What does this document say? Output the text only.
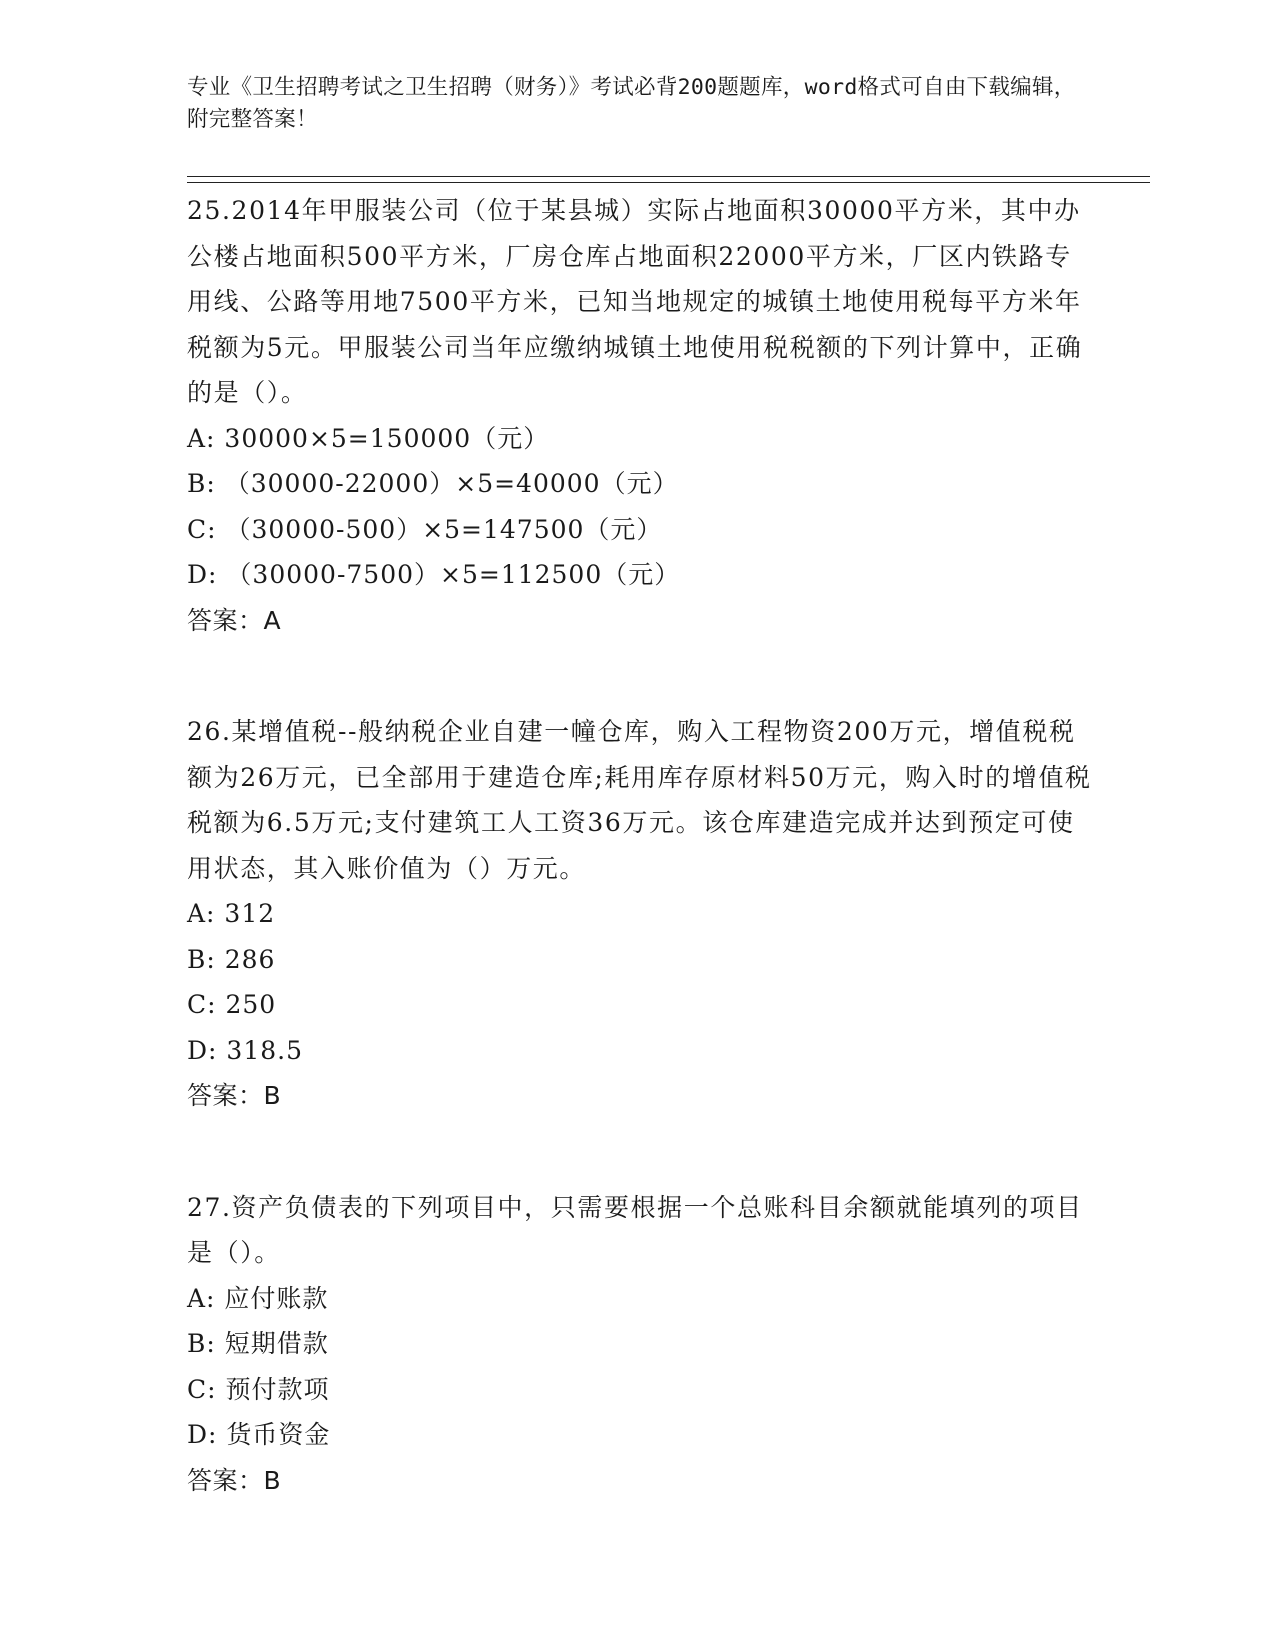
专业《卫生招聘考试之卫生招聘（财务）》考试必背200题题库，word格式可自由下载编辑，附完整答案！

25.2014年甲服装公司（位于某县城）实际占地面积30000平方米，其中办公楼占地面积500平方米，厂房仓库占地面积22000平方米，厂区内铁路专用线、公路等用地7500平方米，已知当地规定的城镇土地使用税每平方米年税额为5元。甲服装公司当年应缴纳城镇土地使用税税额的下列计算中，正确的是（）。

A: 30000×5=150000（元）

B: （30000-22000）×5=40000（元）

C: （30000-500）×5=147500（元）

D: （30000-7500）×5=112500（元）

答案：A

26.某增值税--般纳税企业自建一幢仓库，购入工程物资200万元，增值税税额为26万元，已全部用于建造仓库;耗用库存原材料50万元，购入时的增值税税额为6.5万元;支付建筑工人工资36万元。该仓库建造完成并达到预定可使用状态，其入账价值为（）万元。

A: 312

B: 286

C: 250

D: 318.5

答案：B

27.资产负债表的下列项目中，只需要根据一个总账科目余额就能填列的项目是（）。

A: 应付账款

B: 短期借款

C: 预付款项

D: 货币资金

答案：B
